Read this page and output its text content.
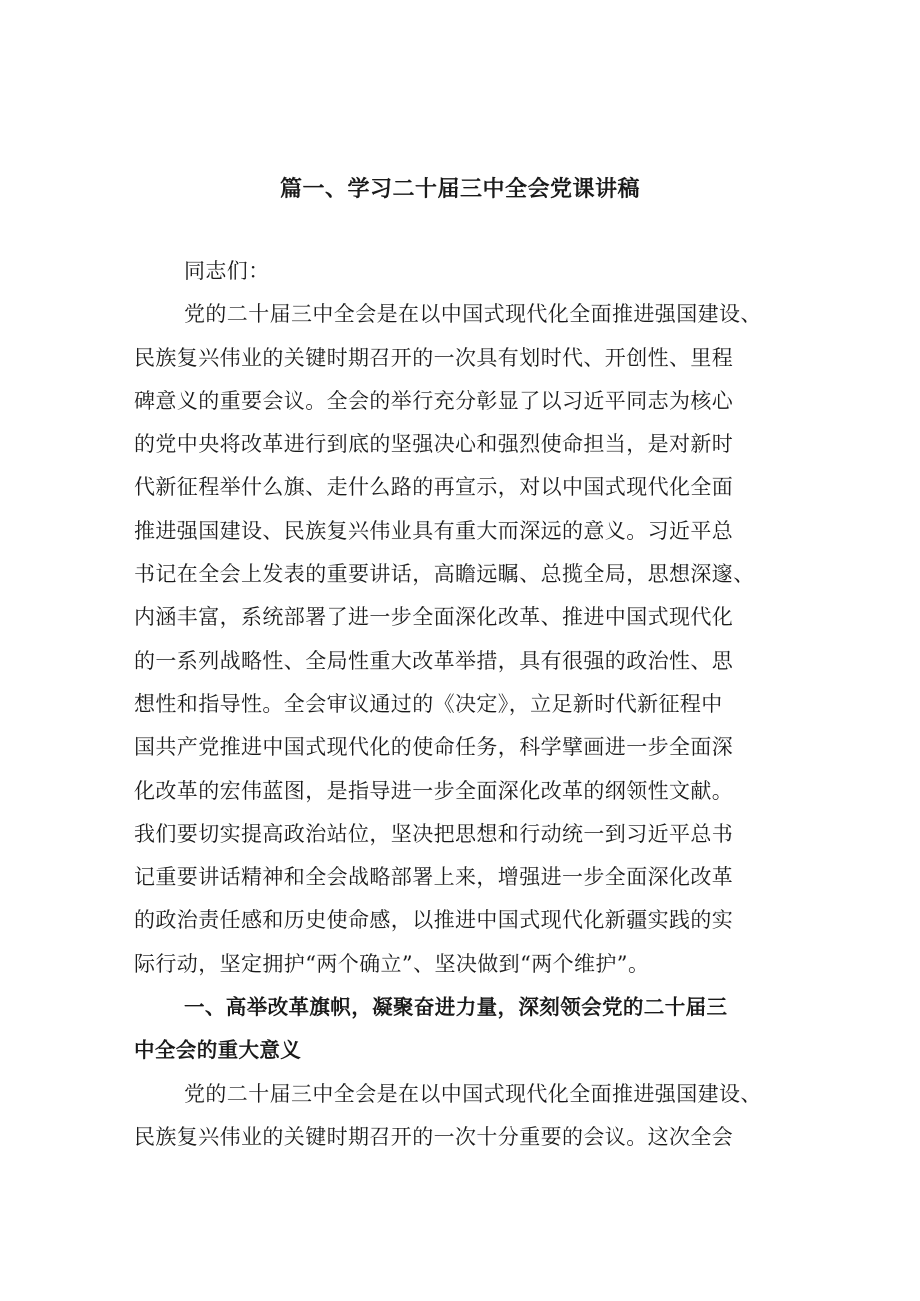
篇一、学习二十届三中全会党课讲稿
同志们：
党的二十届三中全会是在以中国式现代化全面推进强国建设、
民族复兴伟业的关键时期召开的一次具有划时代、开创性、里程
碑意义的重要会议。全会的举行充分彰显了以习近平同志为核心
的党中央将改革进行到底的坚强决心和强烈使命担当，是对新时
代新征程举什么旗、走什么路的再宣示，对以中国式现代化全面
推进强国建设、民族复兴伟业具有重大而深远的意义。习近平总
书记在全会上发表的重要讲话，高瞻远瞩、总揽全局，思想深邃、
内涵丰富，系统部署了进一步全面深化改革、推进中国式现代化
的一系列战略性、全局性重大改革举措，具有很强的政治性、思
想性和指导性。全会审议通过的《决定》，立足新时代新征程中
国共产党推进中国式现代化的使命任务，科学擘画进一步全面深
化改革的宏伟蓝图，是指导进一步全面深化改革的纲领性文献。
我们要切实提高政治站位，坚决把思想和行动统一到习近平总书
记重要讲话精神和全会战略部署上来，增强进一步全面深化改革
的政治责任感和历史使命感，以推进中国式现代化新疆实践的实
际行动，坚定拥护“两个确立”、坚决做到“两个维护”。
一、高举改革旗帜，凝聚奋进力量，深刻领会党的二十届三
中全会的重大意义
党的二十届三中全会是在以中国式现代化全面推进强国建设、
民族复兴伟业的关键时期召开的一次十分重要的会议。这次全会
